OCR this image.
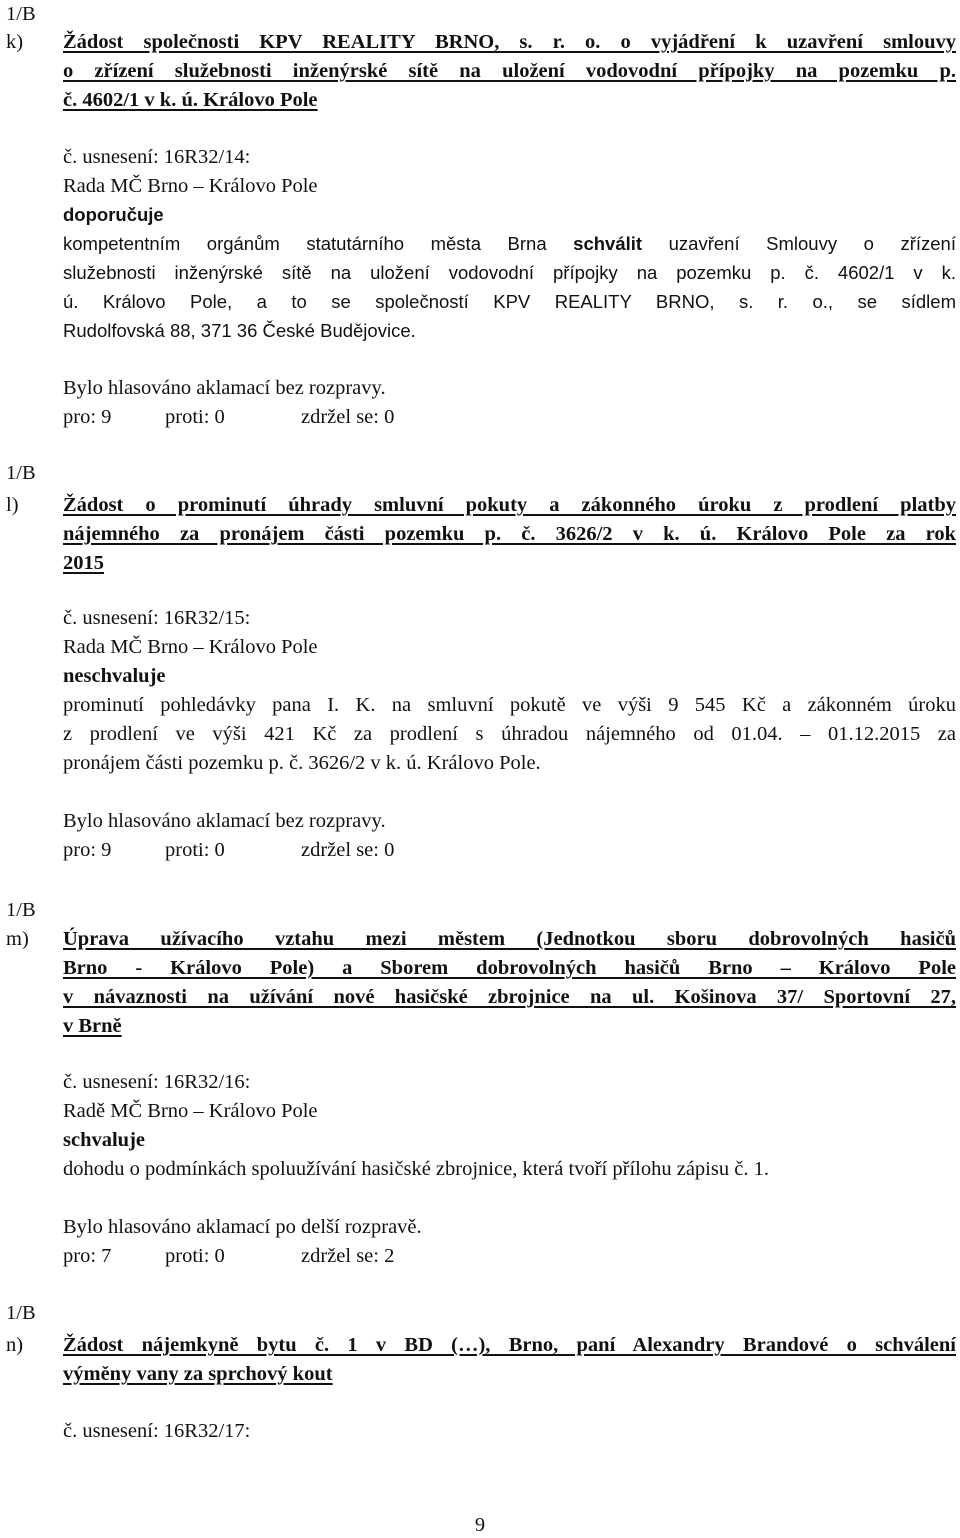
1/B
k) Žádost společnosti KPV REALITY BRNO, s. r. o. o vyjádření k uzavření smlouvy
o zřízení služebnosti inženýrské sítě na uložení vodovodní přípojky na pozemku p.
č. 4602/1 v k. ú. Královo Pole
č. usnesení: 16R32/14:
Rada MČ Brno – Královo Pole
doporučuje
kompetentním orgánům statutárního města Brna schválit uzavření Smlouvy o zřízení
služebnosti inženýrské sítě na uložení vodovodní přípojky na pozemku p. č. 4602/1 v k.
ú. Královo Pole, a to se společností KPV REALITY BRNO, s. r. o., se sídlem
Rudolfovská 88, 371 36 České Budějovice.
Bylo hlasováno aklamací bez rozpravy.
pro: 9	proti: 0	zdržel se: 0
1/B
l) Žádost o prominutí úhrady smluvní pokuty a zákonného úroku z prodlení platby
nájemného za pronájem části pozemku p. č. 3626/2 v k. ú. Královo Pole za rok
2015
č. usnesení: 16R32/15:
Rada MČ Brno – Královo Pole
neschvaluje
prominutí pohledávky pana I. K. na smluvní pokutě ve výši 9 545 Kč a zákonném úroku
z prodlení ve výši 421 Kč za prodlení s úhradou nájemného od 01.04. – 01.12.2015 za
pronájem části pozemku p. č. 3626/2 v k. ú. Královo Pole.
Bylo hlasováno aklamací bez rozpravy.
pro: 9	proti: 0	zdržel se: 0
1/B
m) Úprava užívacího vztahu mezi městem (Jednotkou sboru dobrovolných hasičů
Brno - Královo Pole) a Sborem dobrovolných hasičů Brno – Královo Pole
v návaznosti na užívání nové hasičské zbrojnice na ul. Košinova 37/ Sportovní 27,
v Brně
č. usnesení: 16R32/16:
Radě MČ Brno – Královo Pole
schvaluje
dohodu o podmínkách spoluužívání hasičské zbrojnice, která tvoří přílohu zápisu č. 1.
Bylo hlasováno aklamací po delší rozpravě.
pro: 7	proti: 0	zdržel se: 2
1/B
n) Žádost nájemkyně bytu č. 1 v BD (…), Brno, paní Alexandry Brandové o schválení
výměny vany za sprchový kout
č. usnesení: 16R32/17:
9
